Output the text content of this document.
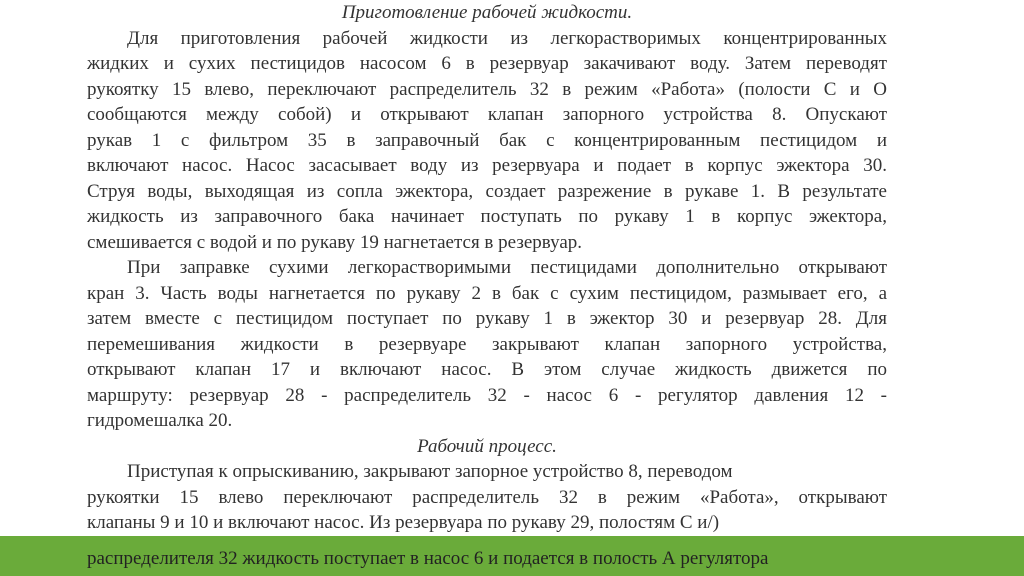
Приготовление рабочей жидкости.

Для приготовления рабочей жидкости из легкорастворимых концентрированных
жидких и сухих пестицидов насосом 6 в резервуар закачивают воду. Затем переводят
рукоятку 15 влево, переключают распределитель 32 в режим «Работа» (полости С и О
сообщаются между собой) и открывают клапан запорного устройства 8. Опускают
рукав 1 с фильтром 35 в заправочный бак с концентрированным пестицидом и
включают насос. Насос засасывает воду из резервуара и подает в корпус эжектора 30.
Струя воды, выходящая из сопла эжектора, создает разрежение в рукаве 1. В результате
жидкость из заправочного бака начинает поступать по рукаву 1 в корпус эжектора,
смешивается с водой и по рукаву 19 нагнетается в резервуар.
При заправке сухими легкорастворимыми пестицидами дополнительно открывают
кран 3. Часть воды нагнетается по рукаву 2 в бак с сухим пестицидом, размывает его, а
затем вместе с пестицидом поступает по рукаву 1 в эжектор 30 и резервуар 28. Для
перемешивания жидкости в резервуаре закрывают клапан запорного устройства,
открывают клапан 17 и включают насос. В этом случае жидкость движется по
маршруту: резервуар 28 - распределитель 32 - насос 6 - регулятор давления 12 -
гидромешалка 20.

Рабочий процесс.

Приступая к опрыскиванию, закрывают запорное устройство 8, переводом
рукоятки 15 влево переключают распределитель 32 в режим «Работа», открывают
клапаны 9 и 10 и включают насос. Из резервуара по рукаву 29, полостям С и/)
распределителя 32 жидкость поступает в насос 6 и подается в полость А регулятора
